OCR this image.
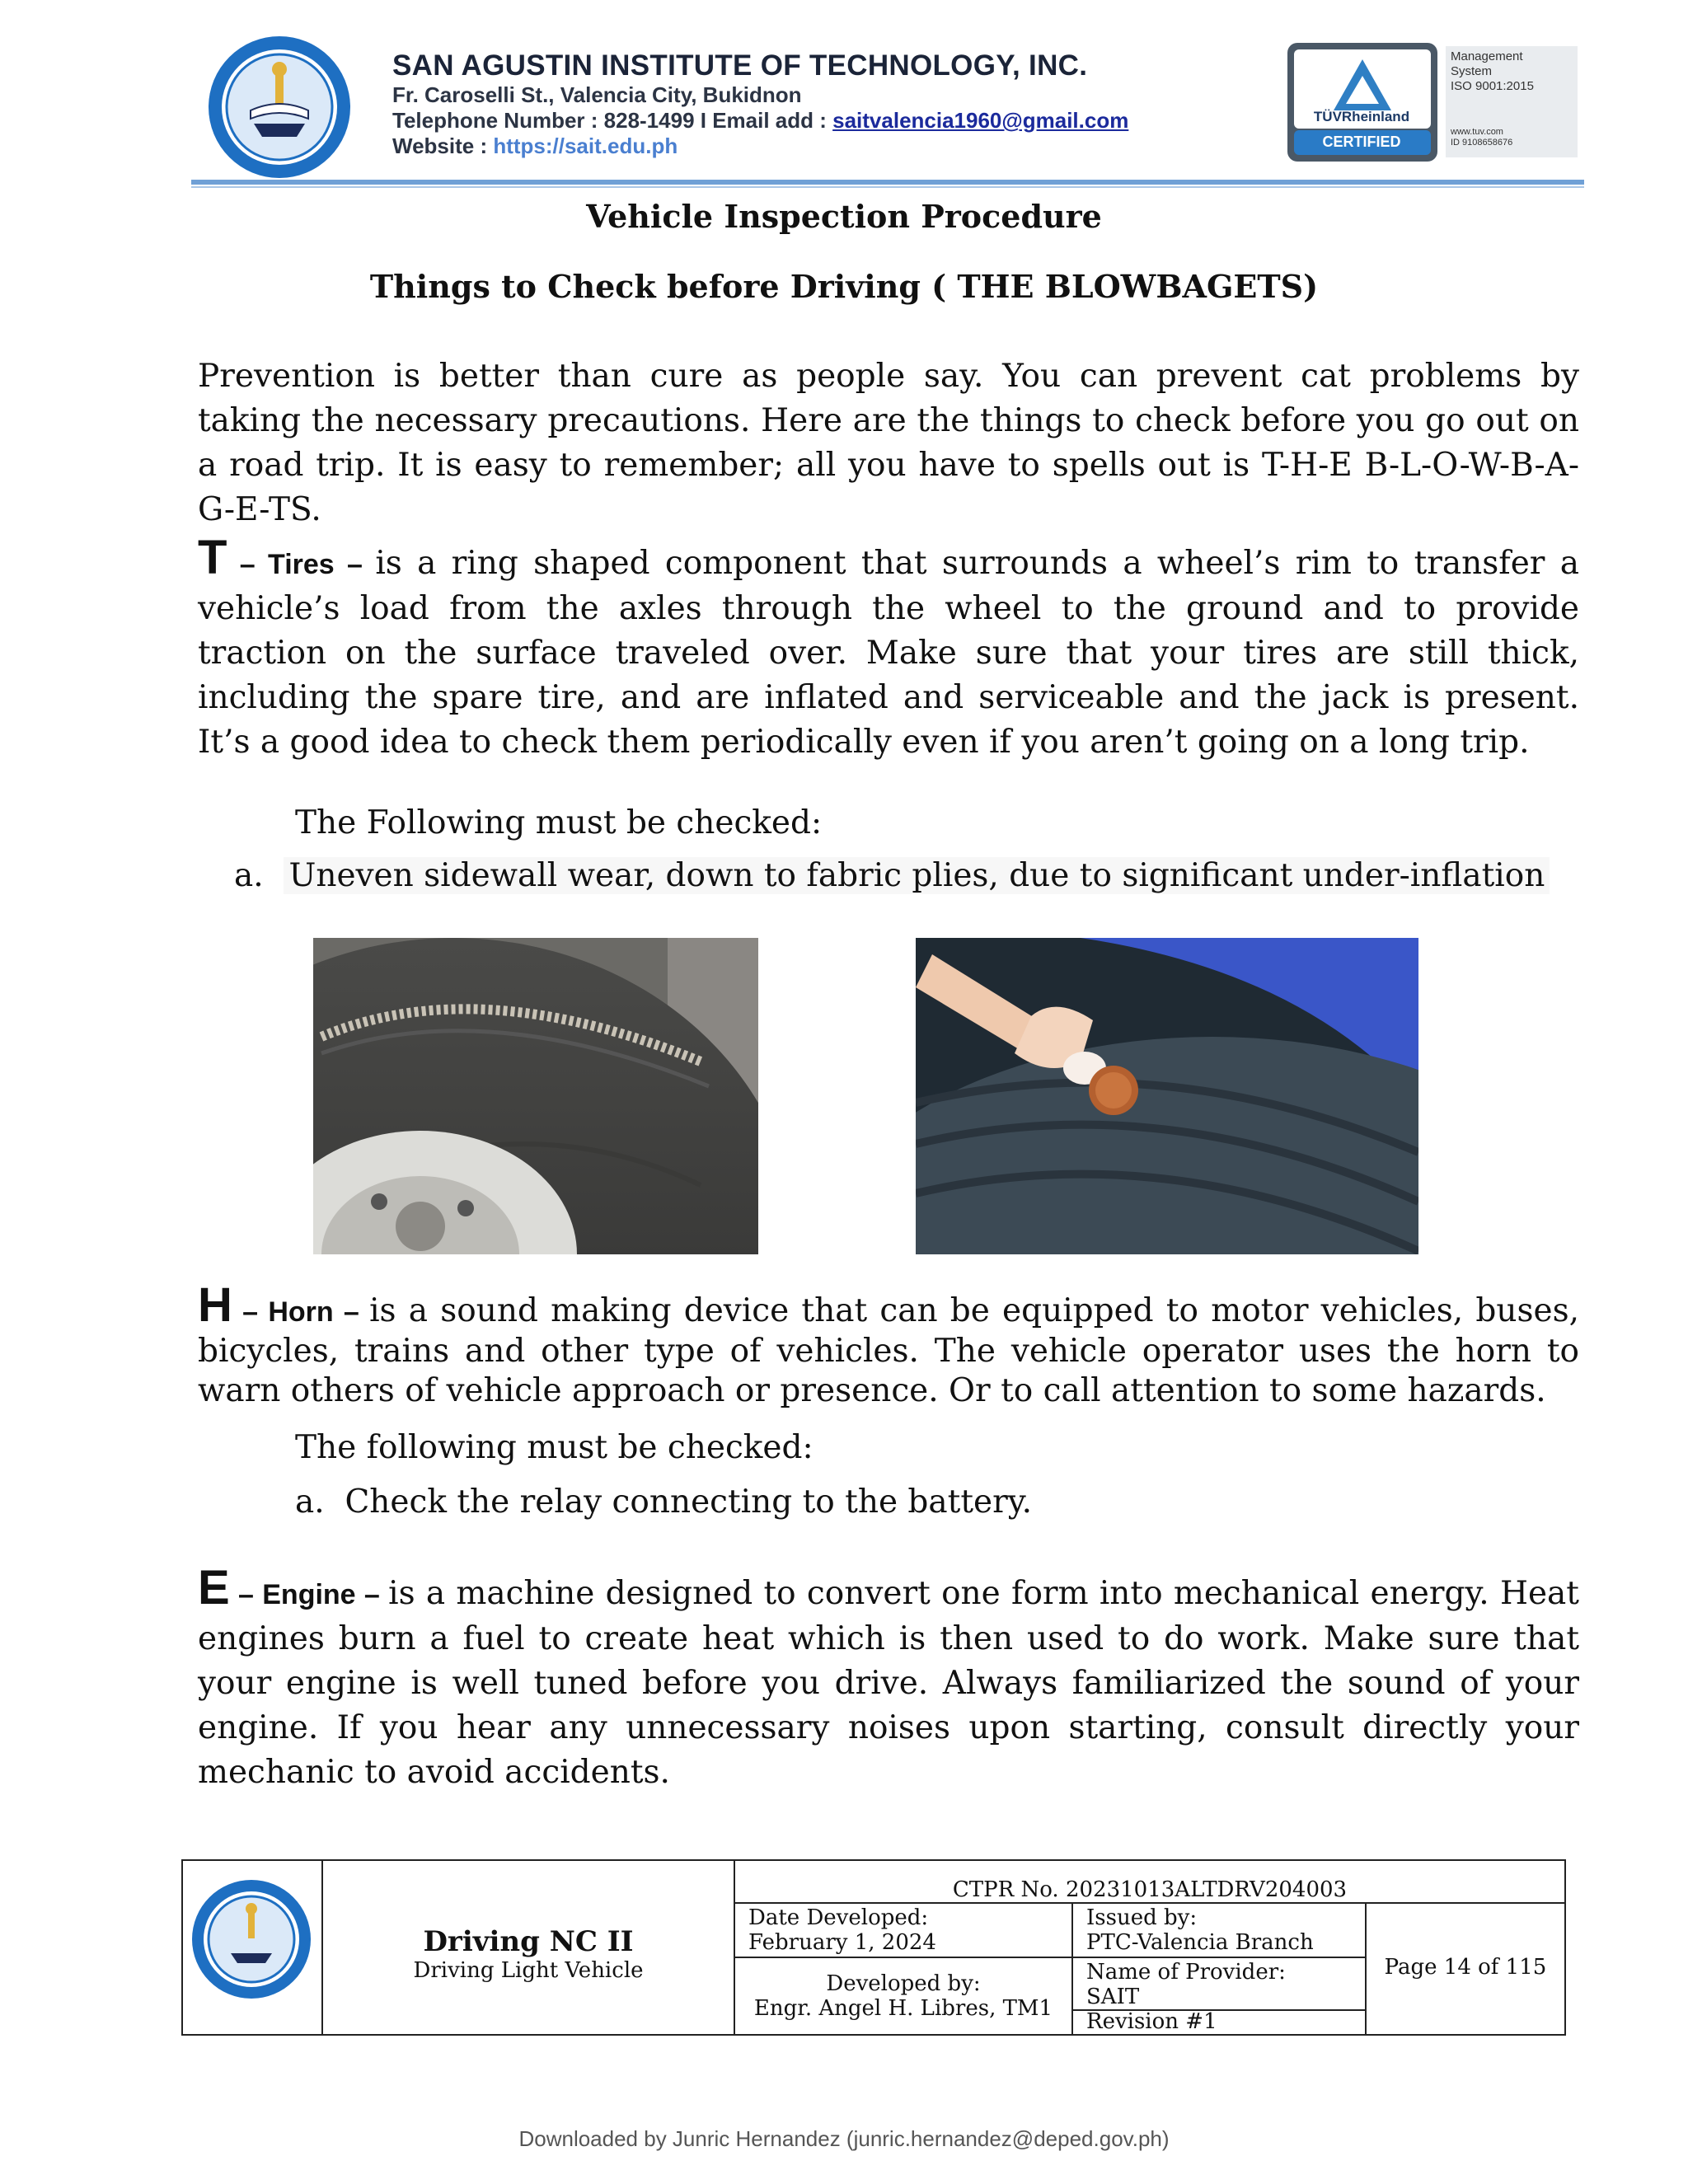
SAN AGUSTIN INSTITUTE OF TECHNOLOGY, INC.
Fr. Caroselli St., Valencia City, Bukidnon
Telephone Number : 828-1499 I Email add : saitvalencia1960@gmail.com
Website : https://sait.edu.ph
TÜVRheinland
CERTIFIED
Management
System
ISO 9001:2015
www.tuv.com
ID 9108658676
Vehicle Inspection Procedure
Things to Check before Driving ( THE BLOWBAGETS)
Prevention is better than cure as people say. You can prevent cat problems by taking the necessary precautions. Here are the things to check before you go out on a road trip. It is easy to remember; all you have to spells out is T-H-E B-L-O-W-B-A-G-E-TS.
T – Tires – is a ring shaped component that surrounds a wheel’s rim to transfer a vehicle’s load from the axles through the wheel to the ground and to provide traction on the surface traveled over. Make sure that your tires are still thick, including the spare tire, and are inflated and serviceable and the jack is present. It’s a good idea to check them periodically even if you aren’t going on a long trip.
The Following must be checked:
a. Uneven sidewall wear, down to fabric plies, due to significant under-inflation
H – Horn – is a sound making device that can be equipped to motor vehicles, buses, bicycles, trains and other type of vehicles. The vehicle operator uses the horn to warn others of vehicle approach or presence. Or to call attention to some hazards.
The following must be checked:
a. Check the relay connecting to the battery.
E – Engine – is a machine designed to convert one form into mechanical energy. Heat engines burn a fuel to create heat which is then used to do work. Make sure that your engine is well tuned before you drive. Always familiarized the sound of your engine. If you hear any unnecessary noises upon starting, consult directly your mechanic to avoid accidents.
Driving NC II
Driving Light Vehicle
CTPR No. 20231013ALTDRV204003
Date Developed:
February 1, 2024
Developed by:
Engr. Angel H. Libres, TM1
Issued by:
PTC-Valencia Branch
Name of Provider:
SAIT
Revision #1
Page 14 of 115
Downloaded by Junric Hernandez (junric.hernandez@deped.gov.ph)
